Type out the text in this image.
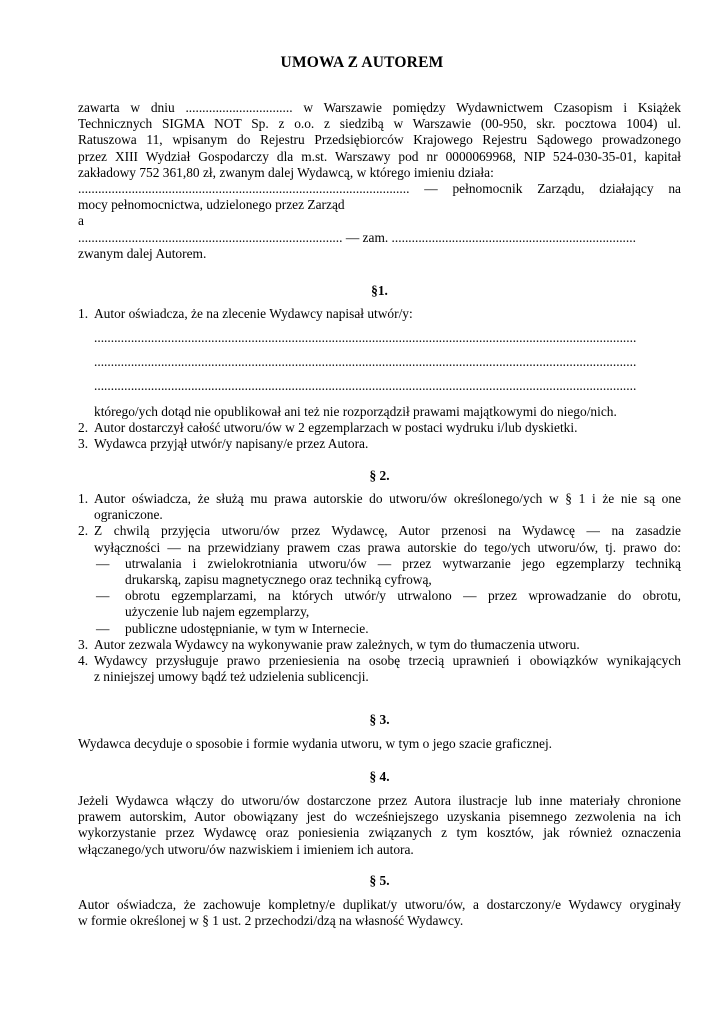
UMOWA Z AUTOREM
zawarta w dniu ................................ w Warszawie pomiędzy Wydawnictwem Czasopism i Książek
Technicznych SIGMA NOT Sp. z o.o. z siedzibą w Warszawie (00-950, skr. pocztowa 1004) ul.
Ratuszowa 11, wpisanym do Rejestru Przedsiębiorców Krajowego Rejestru Sądowego prowadzonego
przez XIII Wydział Gospodarczy dla m.st. Warszawy pod nr 0000069968, NIP 524-030-35-01, kapitał
zakładowy 752 361,80 zł, zwanym dalej Wydawcą, w którego imieniu działa:
................................................................................................... — pełnomocnik Zarządu, działający na
mocy pełnomocnictwa, udzielonego przez Zarząd
a
............................................................................... — zam. .........................................................................
zwanym dalej Autorem.
§1.
1. Autor oświadcza, że na zlecenie Wydawcy napisał utwór/y:
..................................................................................................................................................................
..................................................................................................................................................................
..................................................................................................................................................................
którego/ych dotąd nie opublikował ani też nie rozporządził prawami majątkowymi do niego/nich.
2. Autor dostarczył całość utworu/ów w 2 egzemplarzach w postaci wydruku i/lub dyskietki.
3. Wydawca przyjął utwór/y napisany/e przez Autora.
§ 2.
1. Autor oświadcza, że służą mu prawa autorskie do utworu/ów określonego/ych w § 1 i że nie są one
ograniczone.
2. Z chwilą przyjęcia utworu/ów przez Wydawcę, Autor przenosi na Wydawcę — na zasadzie
wyłączności — na przewidziany prawem czas prawa autorskie do tego/ych utworu/ów, tj. prawo do:
— utrwalania i zwielokrotniania utworu/ów — przez wytwarzanie jego egzemplarzy techniką
drukarską, zapisu magnetycznego oraz techniką cyfrową,
— obrotu egzemplarzami, na których utwór/y utrwalono — przez wprowadzanie do obrotu,
użyczenie lub najem egzemplarzy,
— publiczne udostępnianie, w tym w Internecie.
3. Autor zezwala Wydawcy na wykonywanie praw zależnych, w tym do tłumaczenia utworu.
4. Wydawcy przysługuje prawo przeniesienia na osobę trzecią uprawnień i obowiązków wynikających
z niniejszej umowy bądź też udzielenia sublicencji.
§ 3.
Wydawca decyduje o sposobie i formie wydania utworu, w tym o jego szacie graficznej.
§ 4.
Jeżeli Wydawca włączy do utworu/ów dostarczone przez Autora ilustracje lub inne materiały chronione
prawem autorskim, Autor obowiązany jest do wcześniejszego uzyskania pisemnego zezwolenia na ich
wykorzystanie przez Wydawcę oraz poniesienia związanych z tym kosztów, jak również oznaczenia
włączanego/ych utworu/ów nazwiskiem i imieniem ich autora.
§ 5.
Autor oświadcza, że zachowuje kompletny/e duplikat/y utworu/ów, a dostarczony/e Wydawcy oryginały
w formie określonej w § 1 ust. 2 przechodzi/dzą na własność Wydawcy.
